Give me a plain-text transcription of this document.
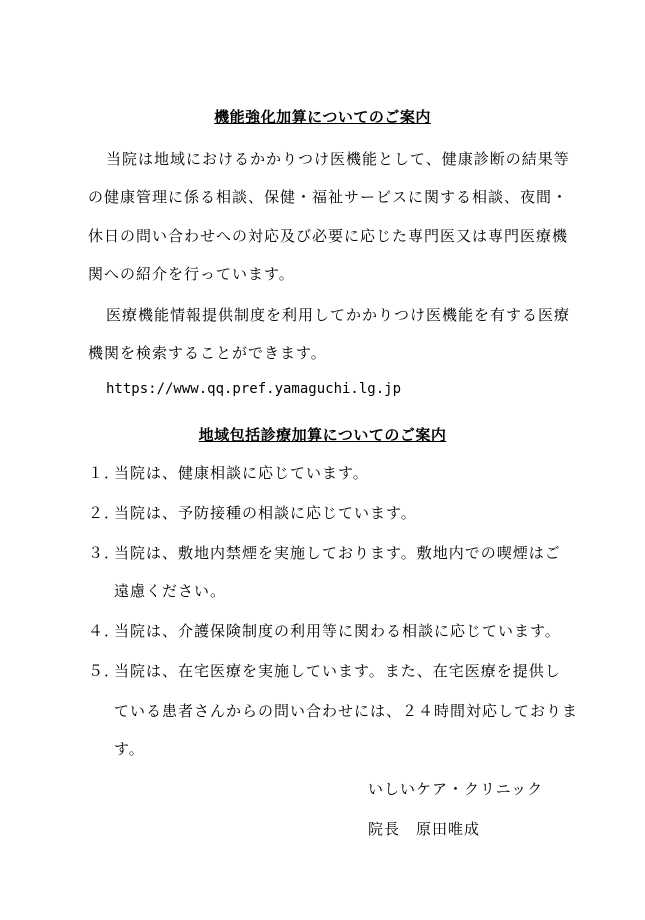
機能強化加算についてのご案内
当院は地域におけるかかりつけ医機能として、健康診断の結果等
の健康管理に係る相談、保健・福祉サービスに関する相談、夜間・
休日の問い合わせへの対応及び必要に応じた専門医又は専門医療機
関への紹介を行っています。
医療機能情報提供制度を利用してかかりつけ医機能を有する医療
機関を検索することができます。
https://www.qq.pref.yamaguchi.lg.jp
地域包括診療加算についてのご案内
１．当院は、健康相談に応じています。
２．当院は、予防接種の相談に応じています。
３．当院は、敷地内禁煙を実施しております。敷地内での喫煙はご
遠慮ください。
４．当院は、介護保険制度の利用等に関わる相談に応じています。
５．当院は、在宅医療を実施しています。また、在宅医療を提供し
ている患者さんからの問い合わせには、２４時間対応しておりま
す。
いしいケア・クリニック
院長　原田唯成
